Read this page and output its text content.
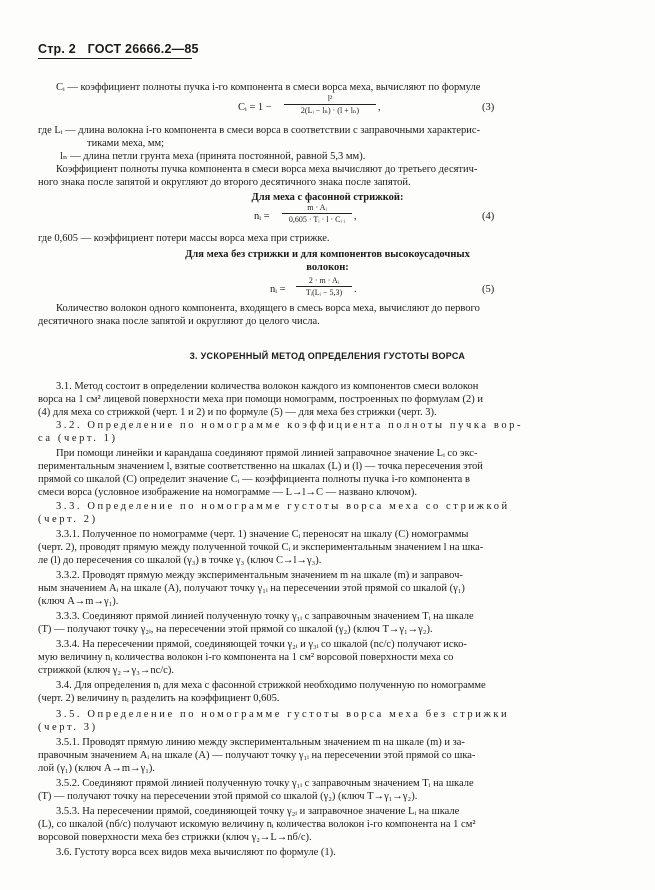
Стр. 2 ГОСТ 26666.2—85
Cᵢ — коэффициент полноты пучка i-го компонента в смеси ворса меха, вычисляют по формуле
Cᵢ = 1 −
l²
2(Lᵢ − lₙ) · (l + lₙ)	,	(3)
где Lᵢ — длина волокна i-го компонента в смеси ворса в соответствии с заправочными характерис-
тиками меха, мм;
lₙ — длина петли грунта меха (принята постоянной, равной 5,3 мм).
Коэффициент полноты пучка компонента в смеси ворса меха вычисляют до третьего десятич-
ного знака после запятой и округляют до второго десятичного знака после запятой.
Для меха с фасонной стрижкой:
nᵢ =
m · Aᵢ
0,605 · Tᵢ · l · Cᵢ ᵢ ,	(4)
где 0,605 — коэффициент потери массы ворса меха при стрижке.
Для меха без стрижки и для компонентов высокоусадочных
волокон:
nᵢ =
2 · m · Aᵢ
Tᵢ(Lᵢ − 5,3)	.	(5)
Количество волокон одного компонента, входящего в смесь ворса меха, вычисляют до первого
десятичного знака после запятой и округляют до целого числа.
3. УСКОРЕННЫЙ МЕТОД ОПРЕДЕЛЕНИЯ ГУСТОТЫ ВОРСА
3.1. Метод состоит в определении количества волокон каждого из компонентов смеси волокон
ворса на 1 см² лицевой поверхности меха при помощи номограмм, построенных по формулам (2) и
(4) для меха со стрижкой (черт. 1 и 2) и по формуле (5) — для меха без стрижки (черт. 3).
3.2. Определение по номограмме коэффициента полноты пучка вор-
са (черт. 1)
При помощи линейки и карандаша соединяют прямой линией заправочное значение Lᵢ со экс-
периментальным значением l, взятые соответственно на шкалах (L) и (l) — точка пересечения этой
прямой со шкалой (C) определит значение Cᵢ — коэффициента полноты пучка i-го компонента в
смеси ворса (условное изображение на номограмме — L→l→C — названо ключом).
3.3. Определение по номограмме густоты ворса меха со стрижкой
(черт. 2)
3.3.1. Полученное по номограмме (черт. 1) значение Cᵢ переносят на шкалу (C) номограммы
(черт. 2), проводят прямую между полученной точкой Cᵢ и экспериментальным значением l на шка-
ле (l) до пересечения со шкалой (γ₃) в точке γ₃ (ключ C→l→γ₃).
3.3.2. Проводят прямую между экспериментальным значением m на шкале (m) и заправоч-
ным значением Aᵢ на шкале (A), получают точку γ₁ᵢ на пересечении этой прямой со шкалой (γ₁)
(ключ A→m→γ₁).
3.3.3. Соединяют прямой линией полученную точку γ₁ᵢ с заправочным значением Tᵢ на шкале
(T) — получают точку γ₂ᵢ, на пересечении этой прямой со шкалой (γ₂) (ключ T→γ₁→γ₂).
3.3.4. На пересечении прямой, соединяющей точки γ₂ᵢ и γ₃ᵢ со шкалой (nc/c) получают иско-
мую величину nᵢ количества волокон i-го компонента на 1 см² ворсовой поверхности меха со
стрижкой (ключ γ₂→γ₃→nc/c).
3.4. Для определения nᵢ для меха с фасонной стрижкой необходимо полученную по номограмме
(черт. 2) величину nᵢ разделить на коэффициент 0,605.
3.5. Определение по номограмме густоты ворса меха без стрижки
(черт. 3)
3.5.1. Проводят прямую линию между экспериментальным значением m на шкале (m) и за-
правочным значением Aᵢ на шкале (A) — получают точку γ₁ᵢ на пересечении этой прямой со шка-
лой (γ₁) (ключ A→m→γ₁).
3.5.2. Соединяют прямой линией полученную точку γ₁ᵢ с заправочным значением Tᵢ на шкале
(T) — получают точку на пересечении этой прямой со шкалой (γ₂) (ключ T→γ₁→γ₂).
3.5.3. На пересечении прямой, соединяющей точку γ₂ᵢ и заправочное значение Lᵢ на шкале
(L), со шкалой (nб/с) получают искомую величину nᵢ количества волокон i-го компонента на 1 см²
ворсовой поверхности меха без стрижки (ключ γ₂→L→nб/с).
3.6. Густоту ворса всех видов меха вычисляют по формуле (1).
